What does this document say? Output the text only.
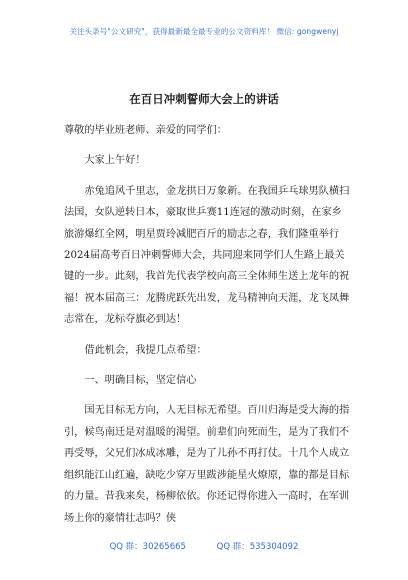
关注头条号"公文研究"，获得最新最全最专业的公文资料库！ 微信: gongwenyj
在百日冲刺誓师大会上的讲话

尊敬的毕业班老师、亲爱的同学们：

大家上午好！

赤兔追风千里志，金龙拱日万象新。在我国乒乓球男队横扫法国，女队逆转日本，豪取世乒赛11连冠的激动时刻，在家乡旅游爆红全网，明星贾玲减肥百斤的励志之春，我们隆重举行2024届高考百日冲刺誓师大会，共同迎来同学们人生路上最关键的一步。此刻，我首先代表学校向高三全体师生送上龙年的祝福！祝本届高三：龙腾虎跃先出发，龙马精神向天涯，龙飞凤舞志常在，龙标夺旗必到达！

借此机会，我提几点希望：

一、明确目标，坚定信心

国无目标无方向，人无目标无希望。百川归海是受大海的指引，候鸟南迁是对温暖的渴望。前辈们向死而生，是为了我们不再受辱，父兄们冰成冰雕，是为了儿孙不再打仗。十几个人成立组织能江山红遍，缺吃少穿万里跋涉能星火燎原，靠的都是目标的力量。昔我来矣，杨柳依依。你还记得你进入一高时，在军训场上你的豪情壮志吗？侠

QQ 群：30265665	QQ 群：535304092
